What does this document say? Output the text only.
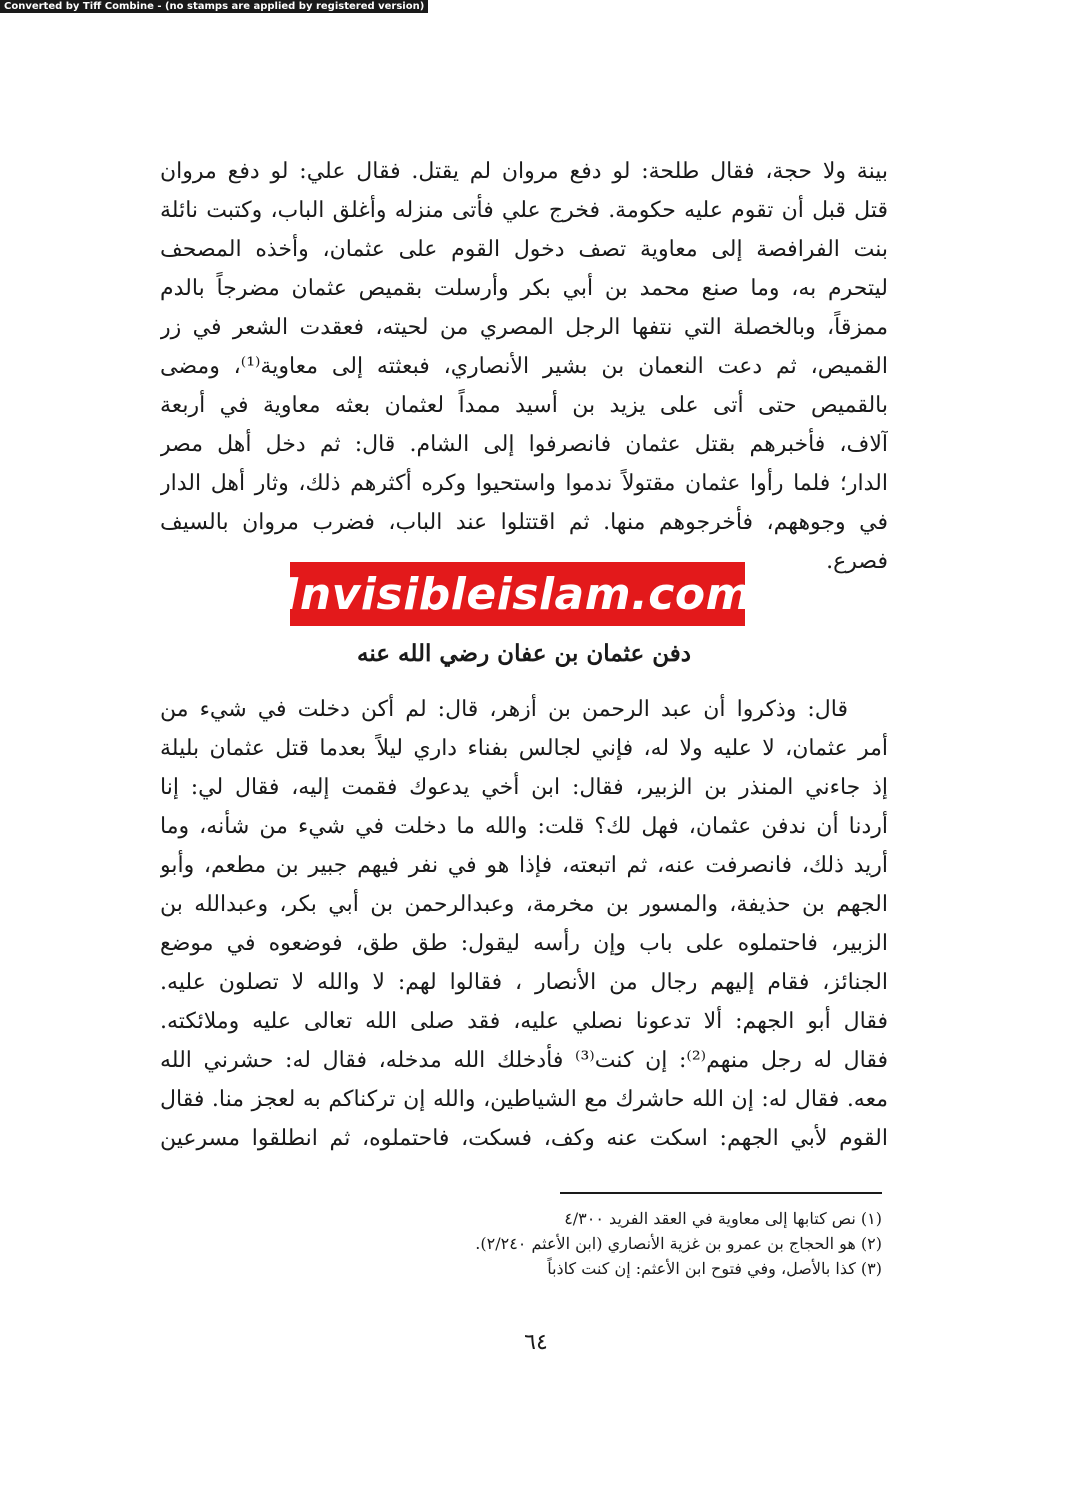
Converted by Tiff Combine - (no stamps are applied by registered version)

بينة ولا حجة، فقال طلحة: لو دفع مروان لم يقتل. فقال علي: لو دفع مروان

قتل قبل أن تقوم عليه حكومة. فخرج علي فأتى منزله وأغلق الباب، وكتبت نائلة

بنت الفرافصة إلى معاوية تصف دخول القوم على عثمان، وأخذه المصحف

ليتحرم به، وما صنع محمد بن أبي بكر وأرسلت بقميص عثمان مضرجاً بالدم

ممزقاً، وبالخصلة التي نتفها الرجل المصري من لحيته، فعقدت الشعر في زر

القميص، ثم دعت النعمان بن بشير الأنصاري، فبعثته إلى معاوية⁽¹⁾، ومضى

بالقميص حتى أتى على يزيد بن أسيد ممداً لعثمان بعثه معاوية في أربعة

آلاف، فأخبرهم بقتل عثمان فانصرفوا إلى الشام. قال: ثم دخل أهل مصر

الدار؛ فلما رأوا عثمان مقتولاً ندموا واستحيوا وكره أكثرهم ذلك، وثار أهل الدار

في وجوههم، فأخرجوهم منها. ثم اقتتلوا عند الباب، فضرب مروان بالسيف

فصرع.

دفن عثمان بن عفان رضي الله عنه

قال: وذكروا أن عبد الرحمن بن أزهر، قال: لم أكن دخلت في شيء من

أمر عثمان، لا عليه ولا له، فإني لجالس بفناء داري ليلاً بعدما قتل عثمان بليلة

إذ جاءني المنذر بن الزبير، فقال: ابن أخي يدعوك فقمت إليه، فقال لي: إنا

أردنا أن ندفن عثمان، فهل لك؟ قلت: والله ما دخلت في شيء من شأنه، وما

أريد ذلك، فانصرفت عنه، ثم اتبعته، فإذا هو في نفر فيهم جبير بن مطعم، وأبو

الجهم بن حذيفة، والمسور بن مخرمة، وعبدالرحمن بن أبي بكر، وعبدالله بن

الزبير، فاحتملوه على باب وإن رأسه ليقول: طق طق، فوضعوه في موضع

الجنائز، فقام إليهم رجال من الأنصار ، فقالوا لهم: لا والله لا تصلون عليه.

فقال أبو الجهم: ألا تدعونا نصلي عليه، فقد صلى الله تعالى عليه وملائكته.

فقال له رجل منهم⁽²⁾: إن كنت⁽³⁾ فأدخلك الله مدخله، فقال له: حشرني الله

معه. فقال له: إن الله حاشرك مع الشياطين، والله إن تركناكم به لعجز منا. فقال

القوم لأبي الجهم: اسكت عنه وكف، فسكت، فاحتملوه، ثم انطلقوا مسرعين

Invisibleislam.com
(١) نص كتابها إلى معاوية في العقد الفريد ٤/٣٠٠
(٢) هو الحجاج بن عمرو بن غزية الأنصاري (ابن الأعثم ٢/٢٤٠).
(٣) كذا بالأصل، وفي فتوح ابن الأعثم: إن كنت كاذباً
٦٤
